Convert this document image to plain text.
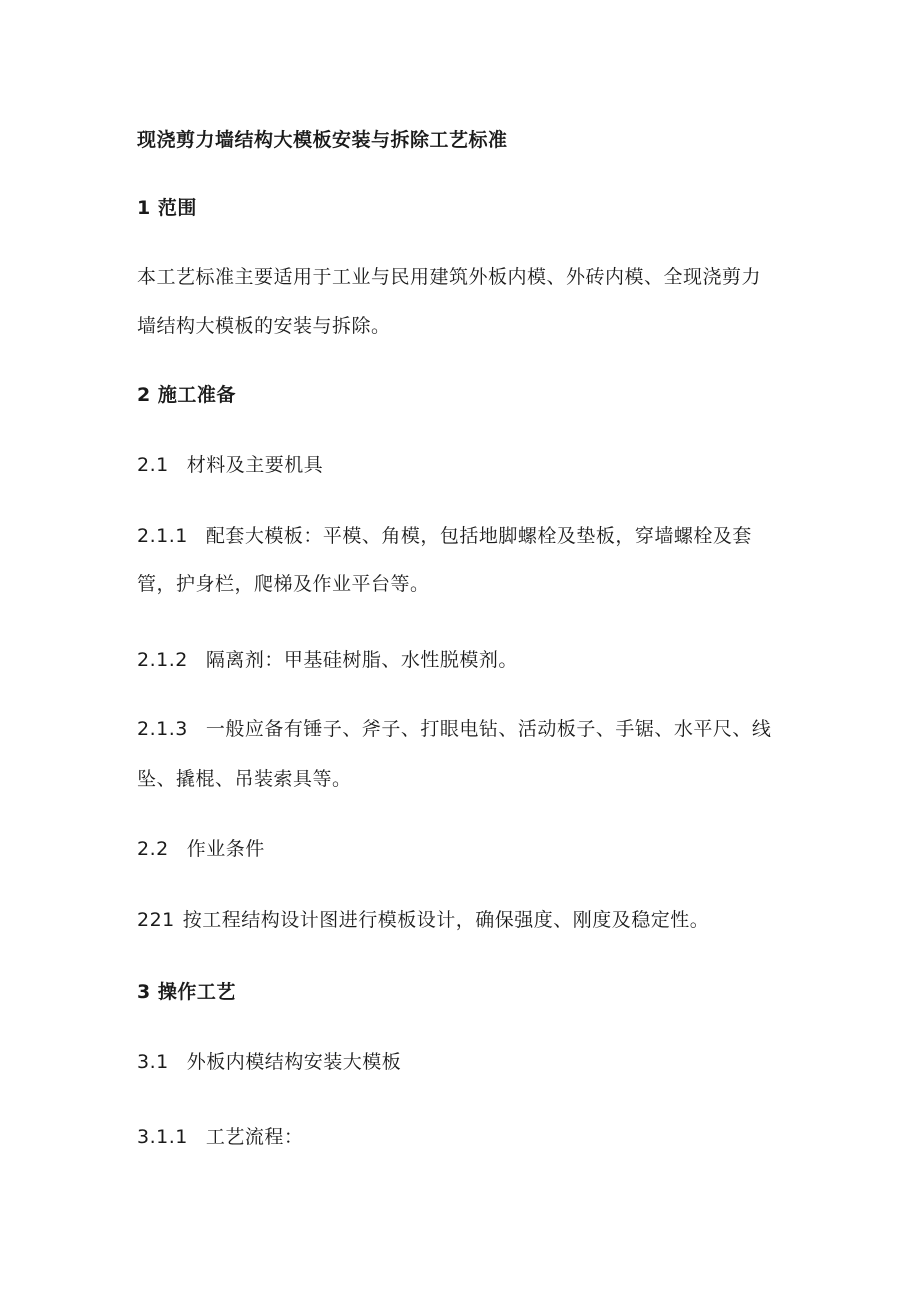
现浇剪力墙结构大模板安装与拆除工艺标准
1 范围
本工艺标准主要适用于工业与民用建筑外板内模、外砖内模、全现浇剪力
墙结构大模板的安装与拆除。
2 施工准备
2.1 材料及主要机具
2.1.1 配套大模板：平模、角模，包括地脚螺栓及垫板，穿墙螺栓及套
管，护身栏，爬梯及作业平台等。
2.1.2 隔离剂：甲基硅树脂、水性脱模剂。
2.1.3 一般应备有锤子、斧子、打眼电钻、活动板子、手锯、水平尺、线
坠、撬棍、吊装索具等。
2.2 作业条件
221 按工程结构设计图进行模板设计，确保强度、刚度及稳定性。
3 操作工艺
3.1 外板内模结构安装大模板
3.1.1 工艺流程：
